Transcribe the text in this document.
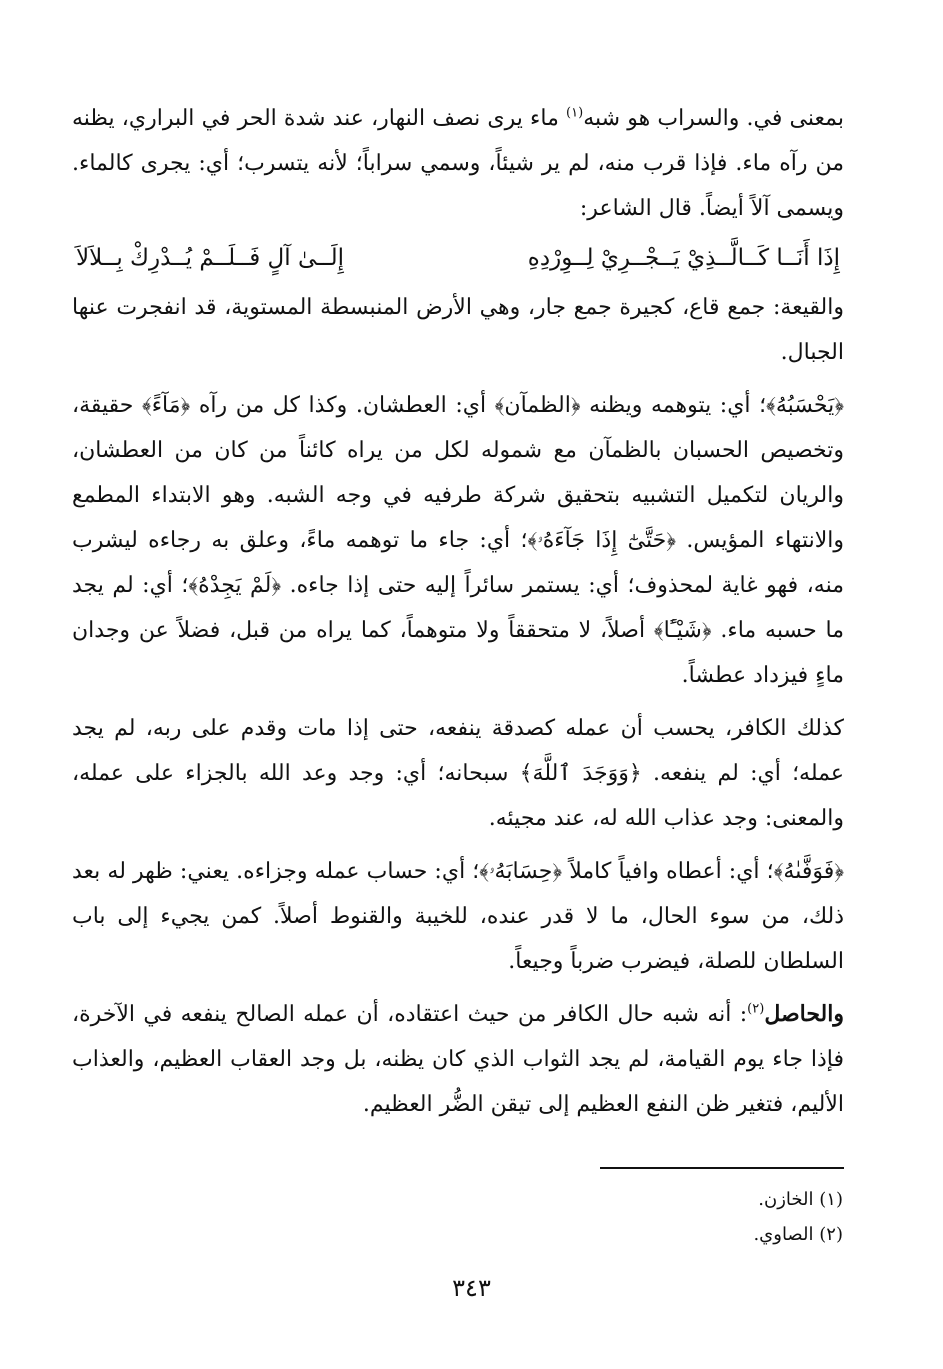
بمعنى في. والسراب هو شبه$^{(١)}$ ماء يرى نصف النهار، عند شدة الحر في البراري، يظنه من رآه ماء. فإذا قرب منه، لم ير شيئاً، وسمي سراباً؛ لأنه يتسرب؛ أي: يجرى كالماء. ويسمى آلاً أيضاً. قال الشاعر:

إِذَا أَنَــا كَــالَّــذِيْ يَــجْــرِيْ لِــوِرْدِهِ
إِلَــىٰ آلٍ فَــلَــمْ يُــدْرِكْ بِــلاَلاَ

والقيعة: جمع قاع، كجيرة جمع جار، وهي الأرض المنبسطة المستوية، قد انفجرت عنها الجبال.

﴿يَحْسَبُهُ﴾؛ أي: يتوهمه ويظنه ﴿الظمآن﴾ أي: العطشان. وكذا كل من رآه ﴿مَآءً﴾ حقيقة، وتخصيص الحسبان بالظمآن مع شموله لكل من يراه كائناً من كان من العطشان، والريان لتكميل التشبيه بتحقيق شركة طرفيه في وجه الشبه. وهو الابتداء المطمع والانتهاء المؤيس. ﴿حَتَّىٰٓ إِذَا جَآءَهُۥ﴾؛ أي: جاء ما توهمه ماءً، وعلق به رجاءه ليشرب منه، فهو غاية لمحذوف؛ أي: يستمر سائراً إليه حتى إذا جاءه. ﴿لَمْ يَجِدْهُ﴾؛ أي: لم يجد ما حسبه ماء. ﴿شَيْـًٔا﴾ أصلاً، لا متحققاً ولا متوهماً، كما يراه من قبل، فضلاً عن وجدان ماءٍ فيزداد عطشاً.

كذلك الكافر، يحسب أن عمله كصدقة ينفعه، حتى إذا مات وقدم على ربه، لم يجد عمله؛ أي: لم ينفعه. ﴿وَوَجَدَ ٱللَّهَ﴾ سبحانه؛ أي: وجد وعد الله بالجزاء على عمله، والمعنى: وجد عذاب الله له، عند مجيئه.

﴿فَوَفَّىٰهُ﴾؛ أي: أعطاه وافياً كاملاً ﴿حِسَابَهُۥ﴾؛ أي: حساب عمله وجزاءه. يعني: ظهر له بعد ذلك، من سوء الحال، ما لا قدر عنده، للخيبة والقنوط أصلاً. كمن يجيء إلى باب السلطان للصلة، فيضرب ضرباً وجيعاً.

والحاصل$^{(٢)}$: أنه شبه حال الكافر من حيث اعتقاده، أن عمله الصالح ينفعه في الآخرة، فإذا جاء يوم القيامة، لم يجد الثواب الذي كان يظنه، بل وجد العقاب العظيم، والعذاب الأليم، فتغير ظن النفع العظيم إلى تيقن الضُّر العظيم.

(١) الخازن.

(٢) الصاوي.

٣٤٣
